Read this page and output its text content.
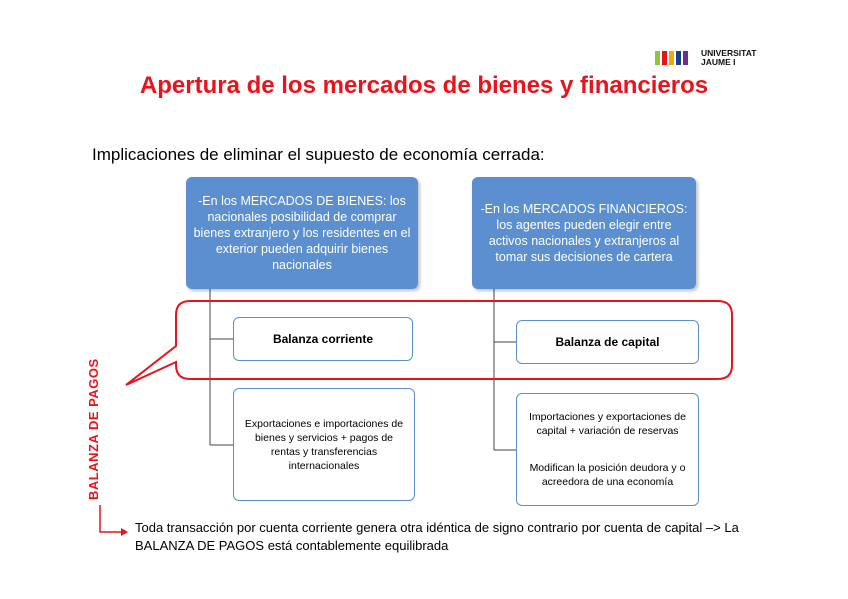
UNIVERSITAT
JAUME I
Apertura de los mercados de bienes y financieros
Implicaciones de eliminar el supuesto de economía cerrada:
-En los MERCADOS DE BIENES: los nacionales posibilidad de comprar bienes extranjero y los residentes en el exterior pueden adquirir bienes nacionales
-En los MERCADOS FINANCIEROS: los agentes pueden elegir entre activos nacionales y extranjeros al tomar sus decisiones de cartera
Balanza corriente	Balanza de capital
Exportaciones e importaciones de bienes y servicios + pagos de rentas y transferencias internacionales
Importaciones y exportaciones de capital + variación de reservas
Modifican la posición deudora y o acreedora de una economía
BALANZA DE PAGOS
Toda transacción por cuenta corriente genera otra idéntica de signo contrario por cuenta de capital –> La BALANZA DE PAGOS está contablemente equilibrada
